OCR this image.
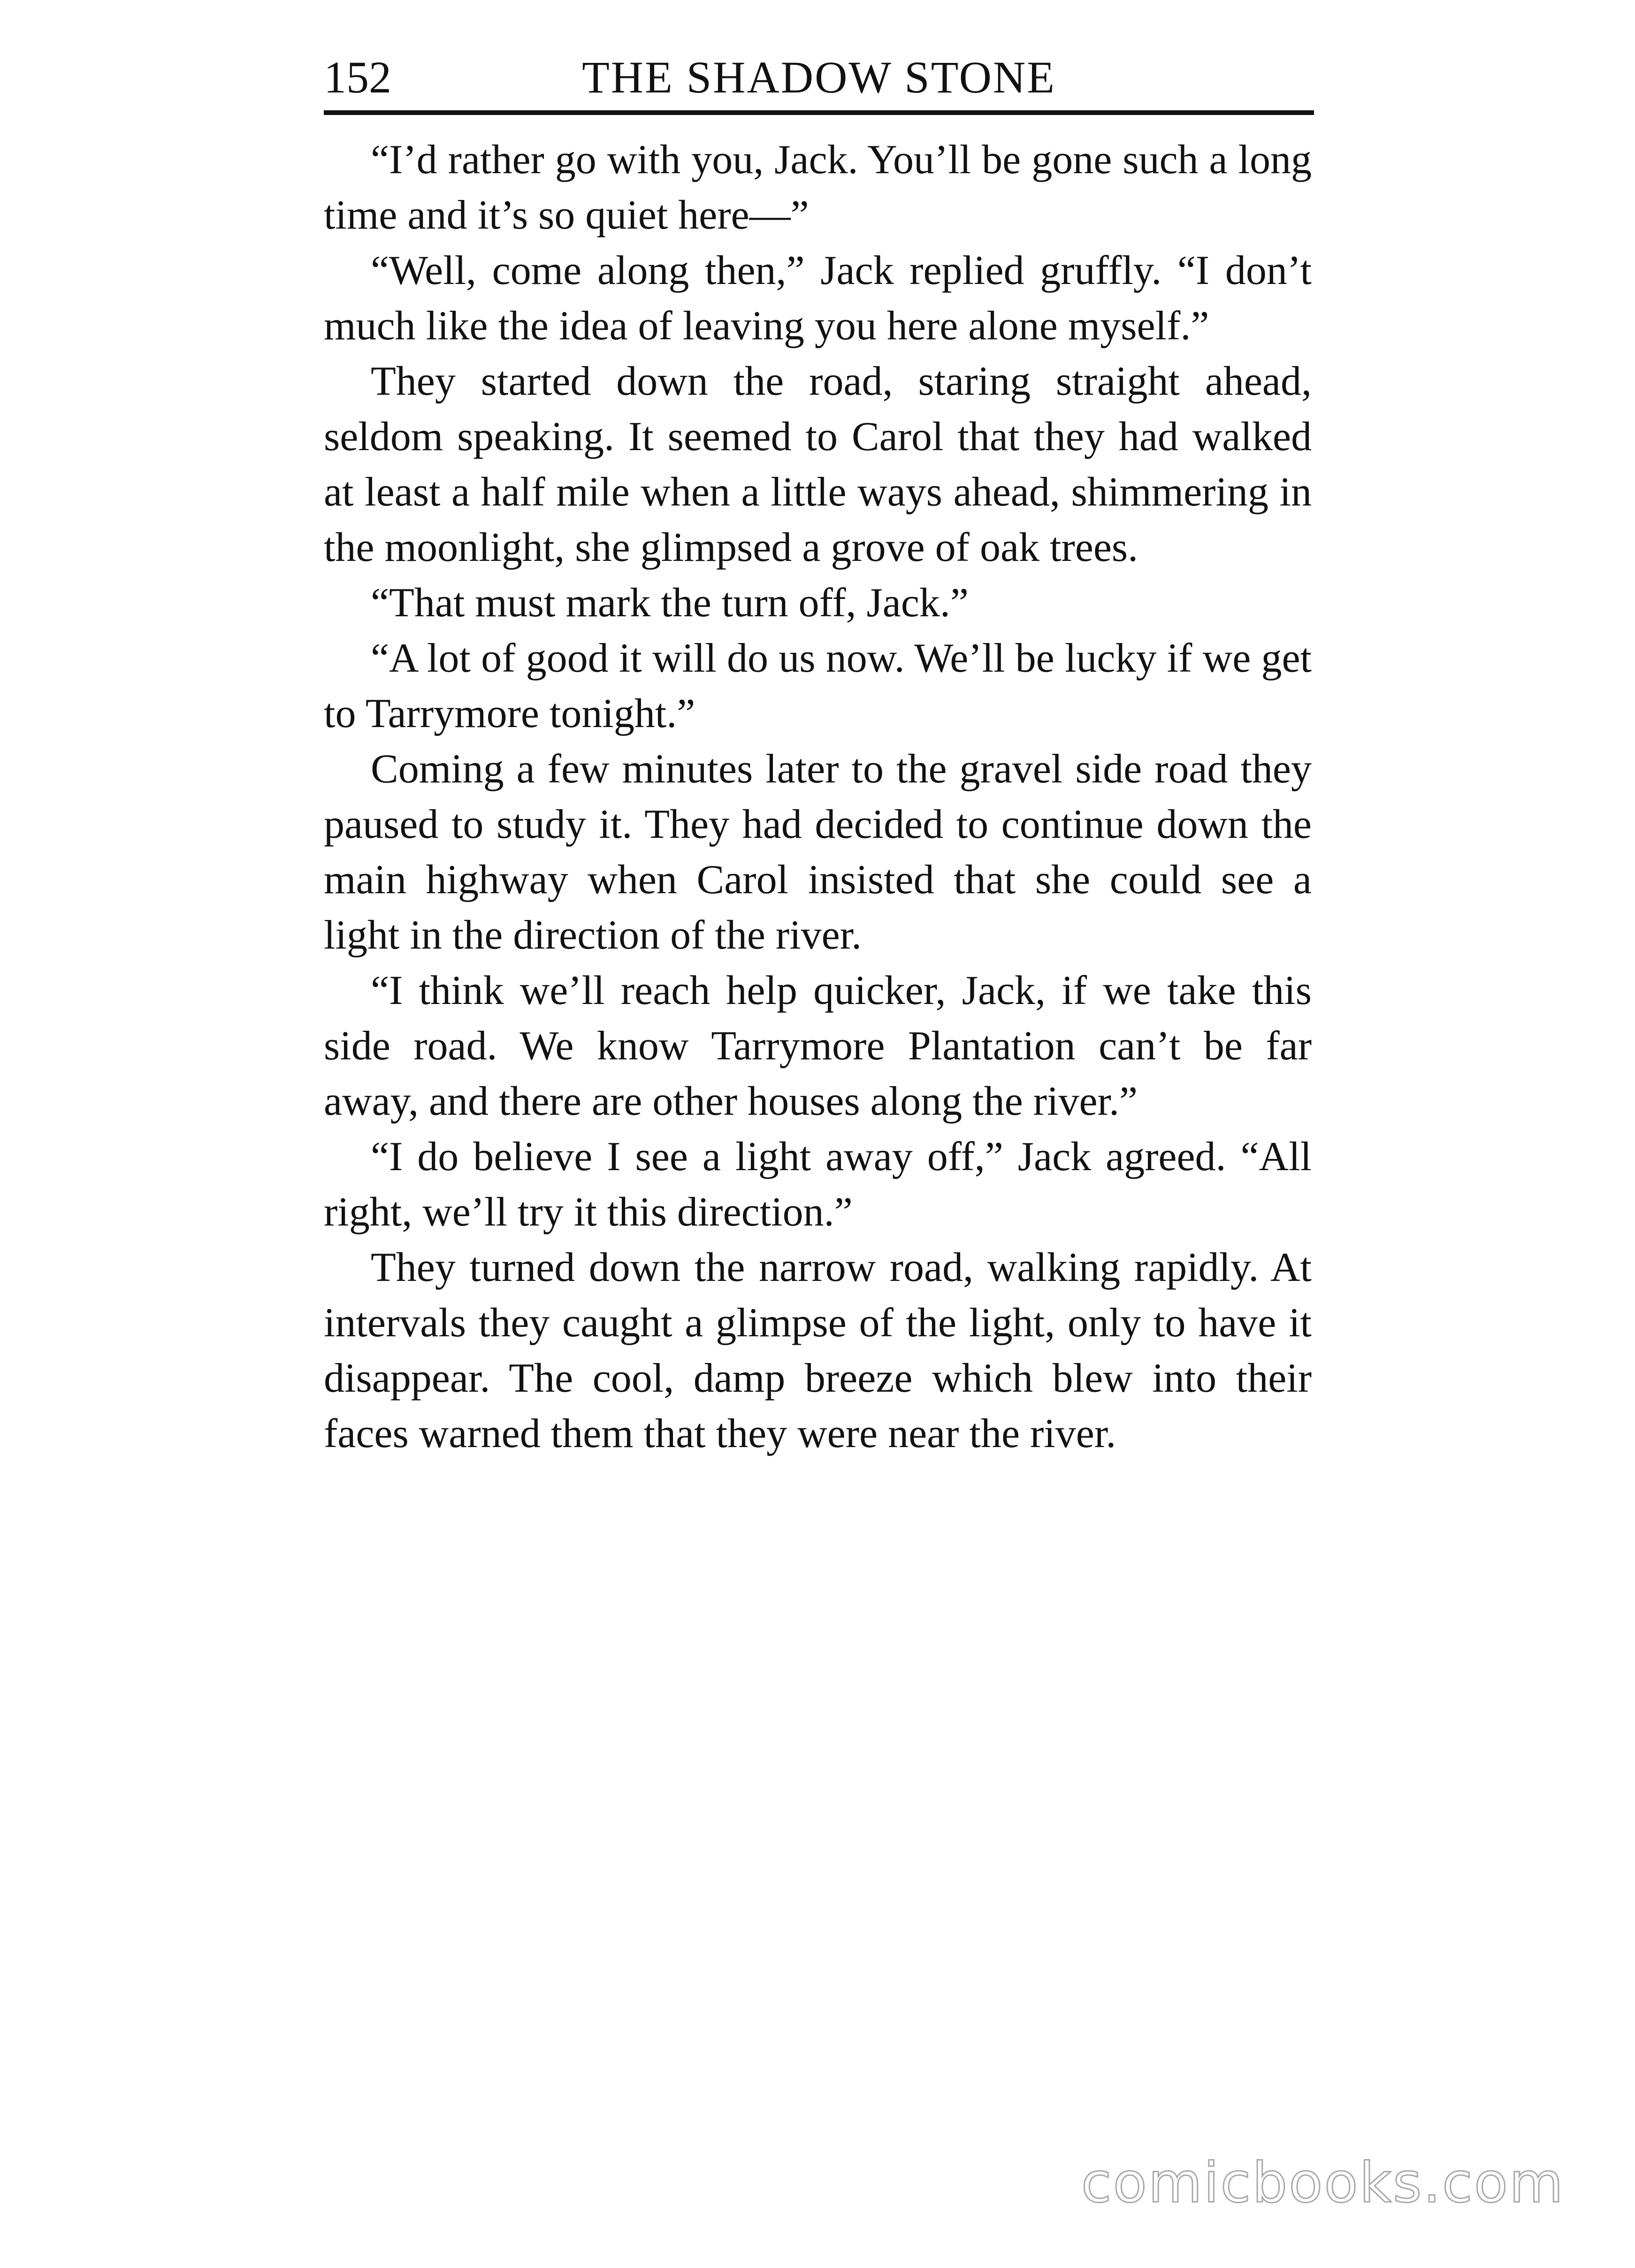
152	THE SHADOW STONE

“I’d rather go with you, Jack. You’ll be gone such a long time and it’s so quiet here—”

“Well, come along then,” Jack replied gruffly. “I don’t much like the idea of leaving you here alone myself.”

They started down the road, staring straight ahead, seldom speaking. It seemed to Carol that they had walked at least a half mile when a little ways ahead, shimmering in the moonlight, she glimpsed a grove of oak trees.

“That must mark the turn off, Jack.”

“A lot of good it will do us now. We’ll be lucky if we get to Tarrymore tonight.”

Coming a few minutes later to the gravel side road they paused to study it. They had decided to continue down the main highway when Carol insisted that she could see a light in the direction of the river.

“I think we’ll reach help quicker, Jack, if we take this side road. We know Tarrymore Plantation can’t be far away, and there are other houses along the river.”

“I do believe I see a light away off,” Jack agreed. “All right, we’ll try it this direction.”

They turned down the narrow road, walking rapidly. At intervals they caught a glimpse of the light, only to have it disappear. The cool, damp breeze which blew into their faces warned them that they were near the river.

comicbooks.com
